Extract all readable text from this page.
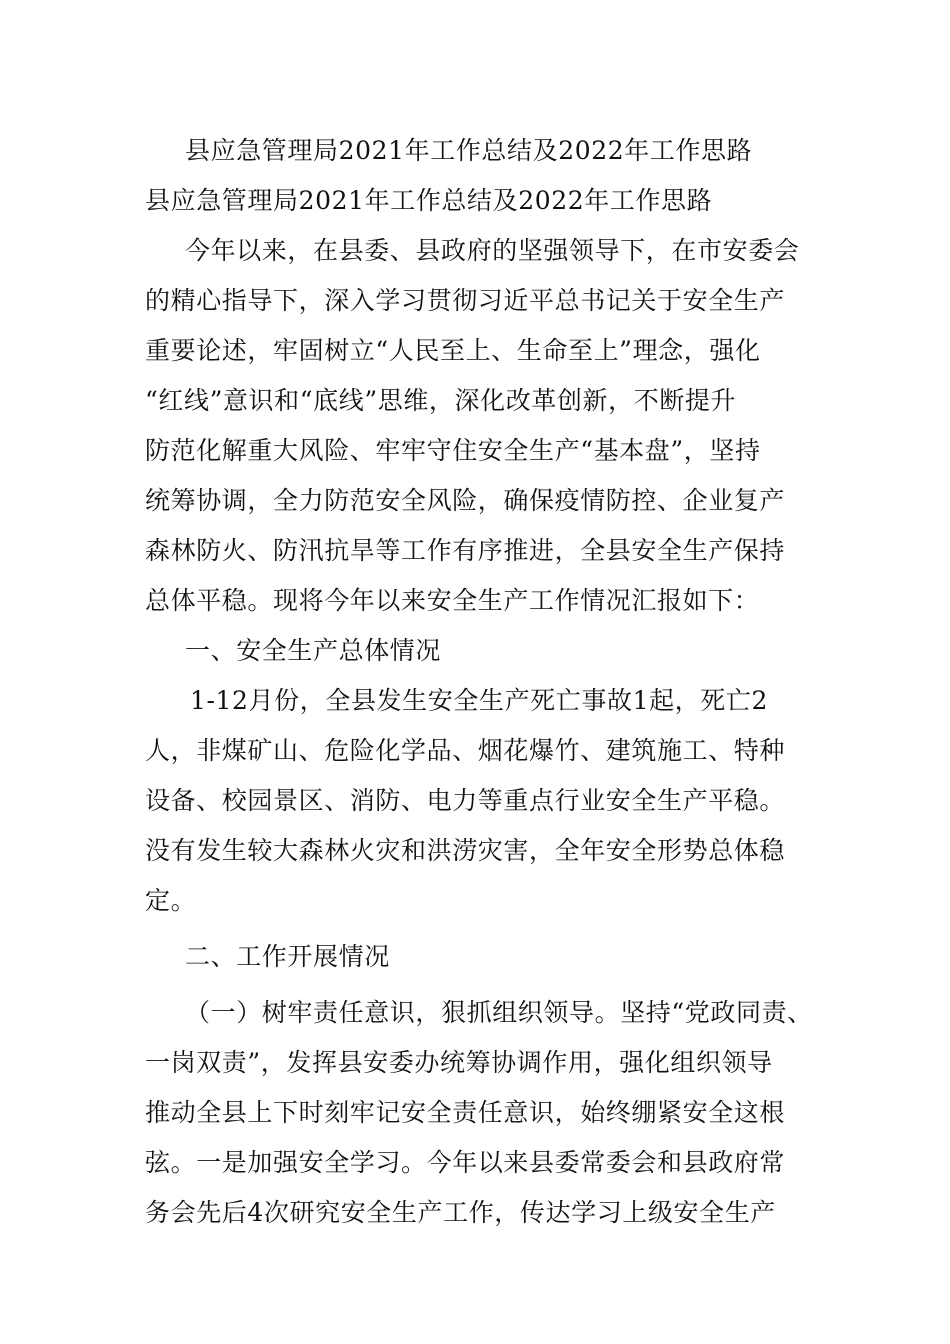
县应急管理局2021年工作总结及2022年工作思路
县应急管理局2021年工作总结及2022年工作思路
今年以来，在县委、县政府的坚强领导下，在市安委会
的精心指导下，深入学习贯彻习近平总书记关于安全生产
重要论述，牢固树立“人民至上、生命至上”理念，强化
“红线”意识和“底线”思维，深化改革创新，不断提升
防范化解重大风险、牢牢守住安全生产“基本盘”，坚持
统筹协调，全力防范安全风险，确保疫情防控、企业复产
森林防火、防汛抗旱等工作有序推进，全县安全生产保持
总体平稳。现将今年以来安全生产工作情况汇报如下：
一、安全生产总体情况
1-12月份，全县发生安全生产死亡事故1起，死亡2
人，非煤矿山、危险化学品、烟花爆竹、建筑施工、特种
设备、校园景区、消防、电力等重点行业安全生产平稳。
没有发生较大森林火灾和洪涝灾害，全年安全形势总体稳
定。
二、工作开展情况
（一）树牢责任意识，狠抓组织领导。坚持“党政同责、
一岗双责”，发挥县安委办统筹协调作用，强化组织领导
推动全县上下时刻牢记安全责任意识，始终绷紧安全这根
弦。一是加强安全学习。今年以来县委常委会和县政府常
务会先后4次研究安全生产工作，传达学习上级安全生产
